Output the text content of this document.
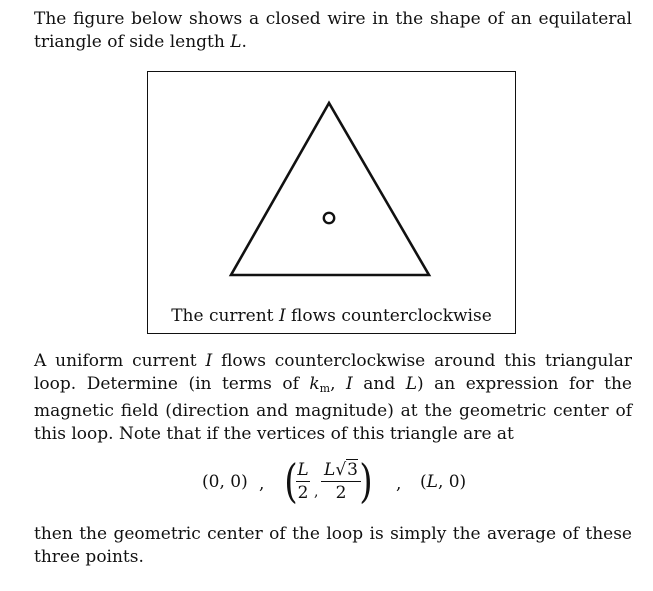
The figure below shows a closed wire in the shape of an equilateral triangle of side length L.
The current I flows counterclockwise
A uniform current I flows counterclockwise around this triangular loop. Determine (in terms of $k_m$, I and L) an expression for the magnetic field (direction and magnitude) at the geometric center of this loop. Note that if the vertices of this triangle are at
(0, 0) , ( L
2 ,
L√3
2 ) , (L, 0)
then the geometric center of the loop is simply the average of these three points.
